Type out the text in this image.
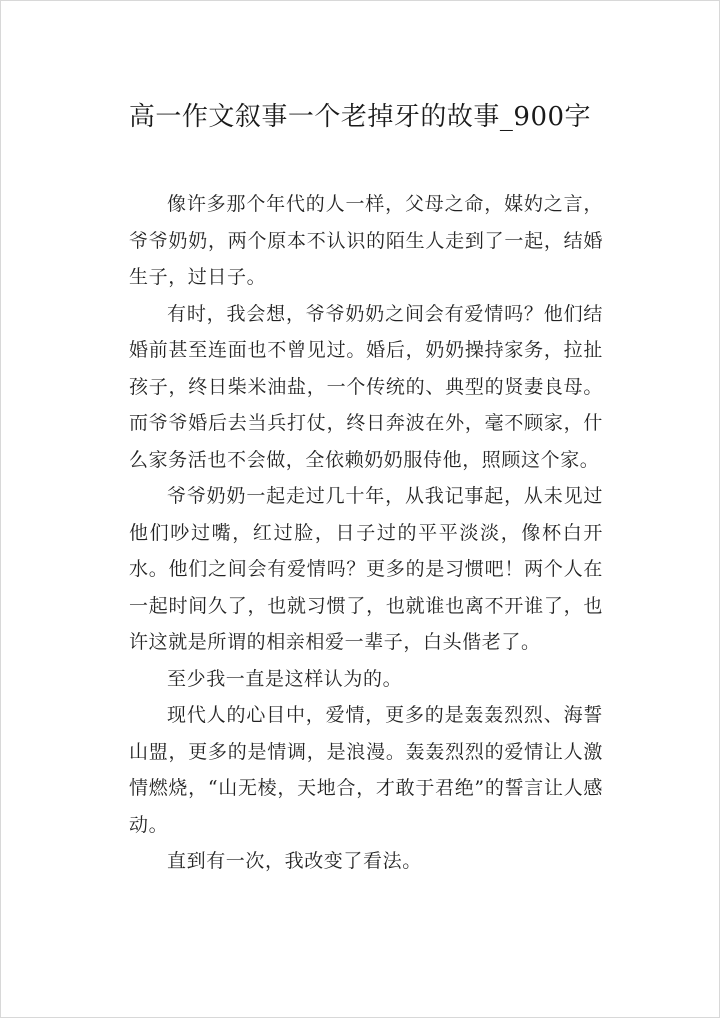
高一作文叙事一个老掉牙的故事_900字

像许多那个年代的人一样，父母之命，媒妁之言，爷爷奶奶，两个原本不认识的陌生人走到了一起，结婚生子，过日子。

有时，我会想，爷爷奶奶之间会有爱情吗？他们结婚前甚至连面也不曾见过。婚后，奶奶操持家务，拉扯孩子，终日柴米油盐，一个传统的、典型的贤妻良母。而爷爷婚后去当兵打仗，终日奔波在外，毫不顾家，什么家务活也不会做，全依赖奶奶服侍他，照顾这个家。

爷爷奶奶一起走过几十年，从我记事起，从未见过他们吵过嘴，红过脸，日子过的平平淡淡，像杯白开水。他们之间会有爱情吗？更多的是习惯吧！两个人在一起时间久了，也就习惯了，也就谁也离不开谁了，也许这就是所谓的相亲相爱一辈子，白头偕老了。

至少我一直是这样认为的。

现代人的心目中，爱情，更多的是轰轰烈烈、海誓山盟，更多的是情调，是浪漫。轰轰烈烈的爱情让人激情燃烧，“山无棱，天地合，才敢于君绝”的誓言让人感动。

直到有一次，我改变了看法。
